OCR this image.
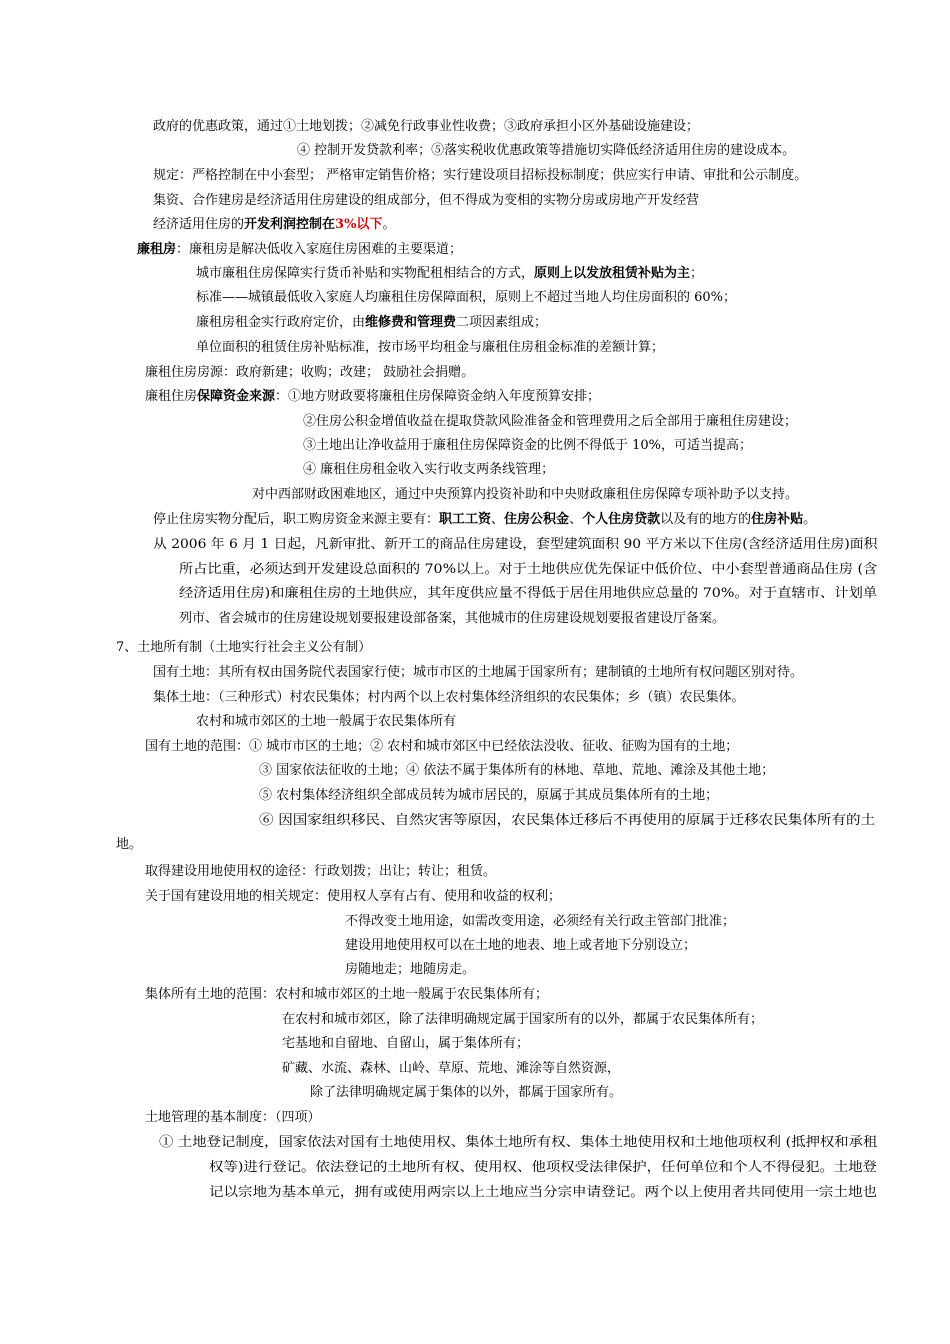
政府的优惠政策，通过①土地划拨；②减免行政事业性收费；③政府承担小区外基础设施建设；
④ 控制开发贷款利率；⑤落实税收优惠政策等措施切实降低经济适用住房的建设成本。
规定：严格控制在中小套型； 严格审定销售价格；实行建设项目招标投标制度；供应实行申请、审批和公示制度。
集资、合作建房是经济适用住房建设的组成部分，但不得成为变相的实物分房或房地产开发经营
经济适用住房的开发利润控制在3%以下。
廉租房：廉租房是解决低收入家庭住房困难的主要渠道；
城市廉租住房保障实行货币补贴和实物配租相结合的方式，原则上以发放租赁补贴为主；
标准——城镇最低收入家庭人均廉租住房保障面积，原则上不超过当地人均住房面积的 60%；
廉租房租金实行政府定价，由维修费和管理费二项因素组成；
单位面积的租赁住房补贴标准，按市场平均租金与廉租住房租金标准的差额计算；
廉租住房房源：政府新建；收购；改建； 鼓励社会捐赠。
廉租住房保障资金来源：①地方财政要将廉租住房保障资金纳入年度预算安排；
②住房公积金增值收益在提取贷款风险准备金和管理费用之后全部用于廉租住房建设；
③土地出让净收益用于廉租住房保障资金的比例不得低于 10%，可适当提高；
④ 廉租住房租金收入实行收支两条线管理；
对中西部财政困难地区，通过中央预算内投资补助和中央财政廉租住房保障专项补助予以支持。
停止住房实物分配后，职工购房资金来源主要有：职工工资、住房公积金、个人住房贷款以及有的地方的住房补贴。
从 2006 年 6 月 1 日起，凡新审批、新开工的商品住房建设，套型建筑面积 90 平方米以下住房(含经济适用住房)面积
所占比重，必须达到开发建设总面积的 70%以上。对于土地供应优先保证中低价位、中小套型普通商品住房 (含
经济适用住房)和廉租住房的土地供应，其年度供应量不得低于居住用地供应总量的 70%。对于直辖市、计划单
列市、省会城市的住房建设规划要报建设部备案，其他城市的住房建设规划要报省建设厅备案。
7、土地所有制（土地实行社会主义公有制）
国有土地：其所有权由国务院代表国家行使；城市市区的土地属于国家所有；建制镇的土地所有权问题区别对待。
集体土地：（三种形式）村农民集体；村内两个以上农村集体经济组织的农民集体；乡（镇）农民集体。
农村和城市郊区的土地一般属于农民集体所有
国有土地的范围：① 城市市区的土地；② 农村和城市郊区中已经依法没收、征收、征购为国有的土地；
③ 国家依法征收的土地；④ 依法不属于集体所有的林地、草地、荒地、滩涂及其他土地；
⑤ 农村集体经济组织全部成员转为城市居民的，原属于其成员集体所有的土地；
⑥ 因国家组织移民、自然灾害等原因，农民集体迁移后不再使用的原属于迁移农民集体所有的土
地。
取得建设用地使用权的途径：行政划拨；出让；转让；租赁。
关于国有建设用地的相关规定：使用权人享有占有、使用和收益的权利；
不得改变土地用途，如需改变用途，必须经有关行政主管部门批准；
建设用地使用权可以在土地的地表、地上或者地下分别设立；
房随地走；地随房走。
集体所有土地的范围：农村和城市郊区的土地一般属于农民集体所有；
在农村和城市郊区，除了法律明确规定属于国家所有的以外，都属于农民集体所有；
宅基地和自留地、自留山，属于集体所有；
矿藏、水流、森林、山岭、草原、荒地、滩涂等自然资源，
除了法律明确规定属于集体的以外，都属于国家所有。
土地管理的基本制度：（四项）
① 土地登记制度，国家依法对国有土地使用权、集体土地所有权、集体土地使用权和土地他项权利 (抵押权和承租
权等)进行登记。依法登记的土地所有权、使用权、他项权受法律保护，任何单位和个人不得侵犯。土地登
记以宗地为基本单元，拥有或使用两宗以上土地应当分宗申请登记。两个以上使用者共同使用一宗土地也
